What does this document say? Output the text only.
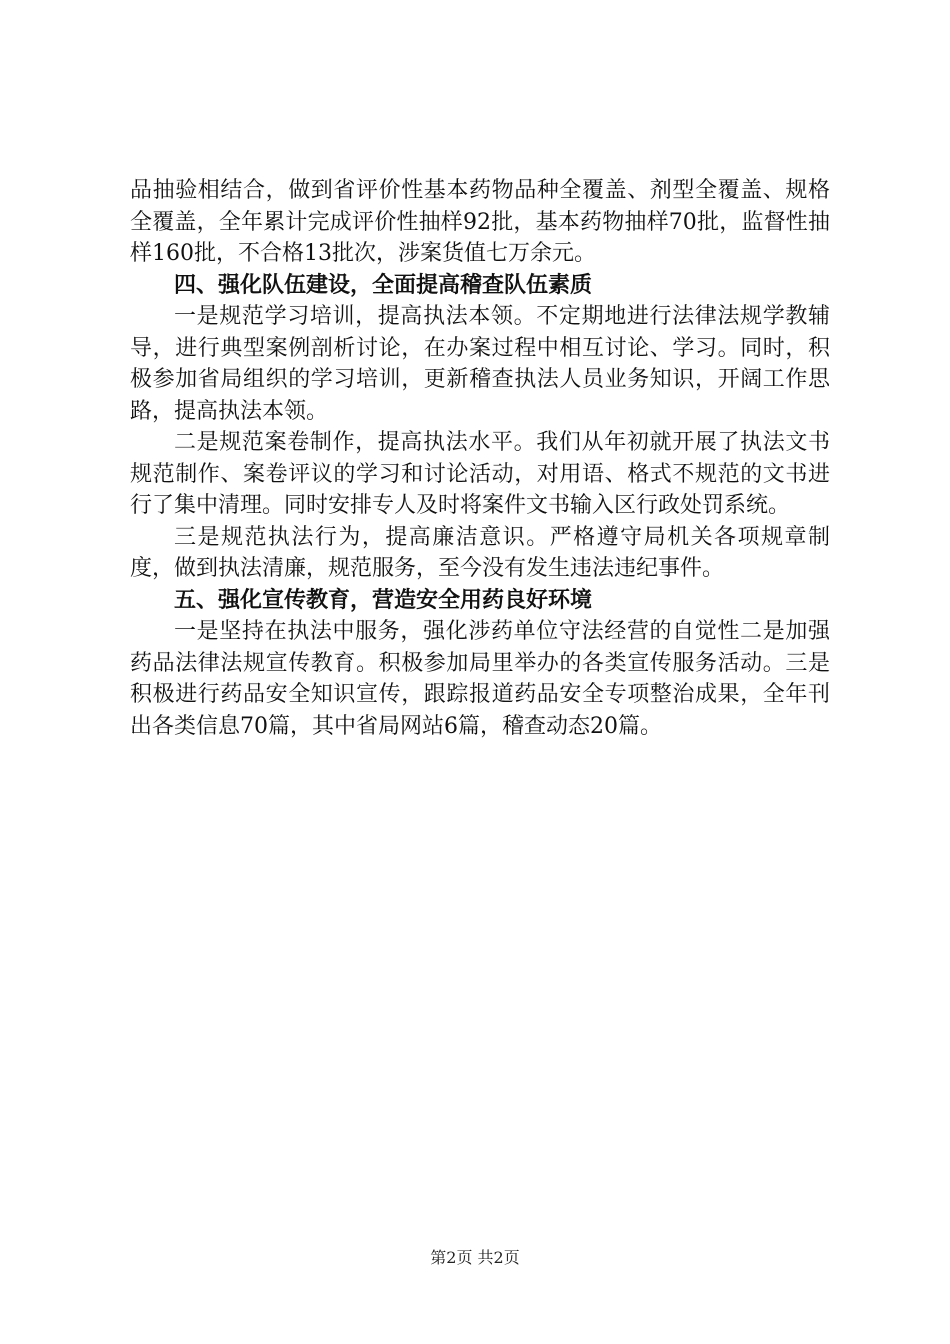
品抽验相结合，做到省评价性基本药物品种全覆盖、剂型全覆盖、规格全覆盖，全年累计完成评价性抽样92批，基本药物抽样70批，监督性抽样160批，不合格13批次，涉案货值七万余元。

四、强化队伍建设，全面提高稽查队伍素质

一是规范学习培训，提高执法本领。不定期地进行法律法规学教辅导，进行典型案例剖析讨论，在办案过程中相互讨论、学习。同时，积极参加省局组织的学习培训，更新稽查执法人员业务知识，开阔工作思路，提高执法本领。

二是规范案卷制作，提高执法水平。我们从年初就开展了执法文书规范制作、案卷评议的学习和讨论活动，对用语、格式不规范的文书进行了集中清理。同时安排专人及时将案件文书输入区行政处罚系统。

三是规范执法行为，提高廉洁意识。严格遵守局机关各项规章制度，做到执法清廉，规范服务，至今没有发生违法违纪事件。

五、强化宣传教育，营造安全用药良好环境

一是坚持在执法中服务，强化涉药单位守法经营的自觉性二是加强药品法律法规宣传教育。积极参加局里举办的各类宣传服务活动。三是积极进行药品安全知识宣传，跟踪报道药品安全专项整治成果，全年刊出各类信息70篇，其中省局网站6篇，稽查动态20篇。

第2页 共2页
